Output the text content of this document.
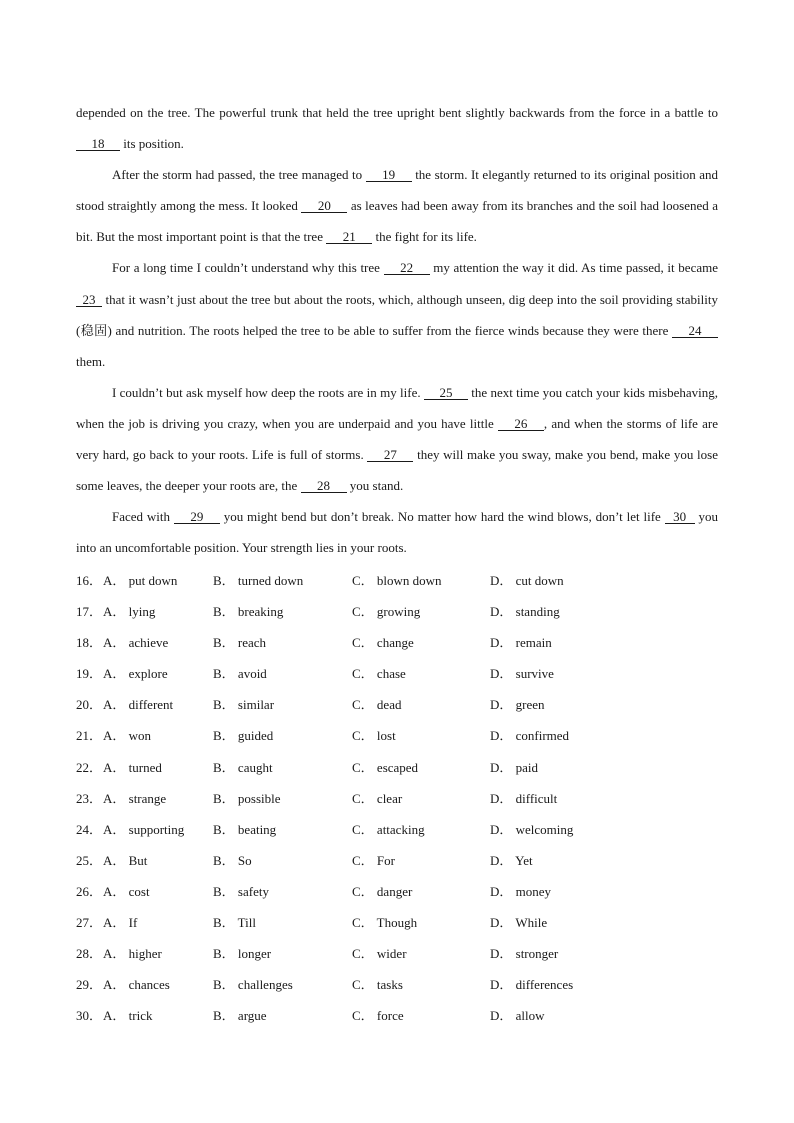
depended on the tree. The powerful trunk that held the tree upright bent slightly backwards from the force in a battle to 18 its position.

After the storm had passed, the tree managed to 19 the storm. It elegantly returned to its original position and stood straightly among the mess. It looked 20 as leaves had been away from its branches and the soil had loosened a bit. But the most important point is that the tree 21 the fight for its life.

For a long time I couldn’t understand why this tree 22 my attention the way it did. As time passed, it became 23 that it wasn’t just about the tree but about the roots, which, although unseen, dig deep into the soil providing stability (稳固) and nutrition. The roots helped the tree to be able to suffer from the fierce winds because they were there 24 them.

I couldn’t but ask myself how deep the roots are in my life. 25 the next time you catch your kids misbehaving, when the job is driving you crazy, when you are underpaid and you have little 26 , and when the storms of life are very hard, go back to your roots. Life is full of storms. 27 they will make you sway, make you bend, make you lose some leaves, the deeper your roots are, the 28 you stand.

Faced with 29 you might bend but don’t break. No matter how hard the wind blows, don’t let life 30 you into an uncomfortable position. Your strength lies in your roots.

16． A． put down	B． turned down	C． blown down	D． cut down
17． A． lying	B． breaking	C． growing	D． standing
18． A． achieve	B． reach	C． change	D． remain
19． A． explore	B． avoid	C． chase	D． survive
20． A． different	B． similar	C． dead	D． green
21． A． won	B． guided	C． lost	D． confirmed
22． A． turned	B． caught	C． escaped	D． paid
23． A． strange	B． possible	C． clear	D． difficult
24． A． supporting B． beating	C． attacking	D． welcoming
25． A． But	B． So	C． For	D． Yet
26． A． cost	B． safety	C． danger	D． money
27． A． If	B． Till	C． Though	D． While
28． A． higher	B． longer	C． wider	D． stronger
29． A． chances	B． challenges	C． tasks	D． differences
30． A． trick	B． argue	C． force	D． allow
